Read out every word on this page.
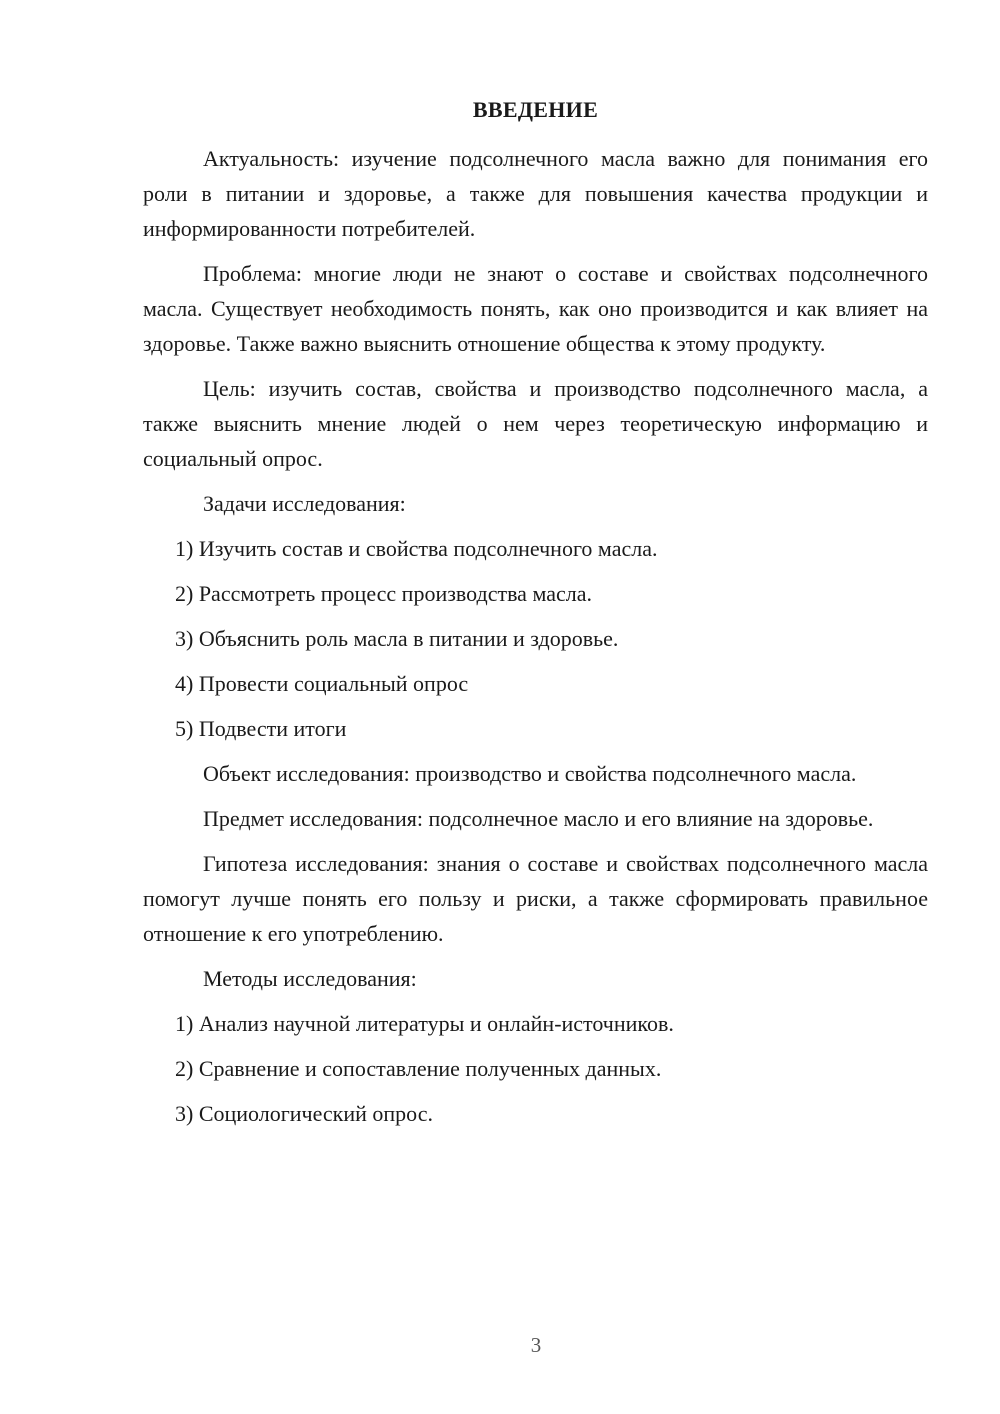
ВВЕДЕНИЕ

Актуальность: изучение подсолнечного масла важно для понимания его роли в питании и здоровье, а также для повышения качества продукции и информированности потребителей.

Проблема: многие люди не знают о составе и свойствах подсолнечного масла. Существует необходимость понять, как оно производится и как влияет на здоровье. Также важно выяснить отношение общества к этому продукту.

Цель: изучить состав, свойства и производство подсолнечного масла, а также выяснить мнение людей о нем через теоретическую информацию и социальный опрос.

Задачи исследования:

1) Изучить состав и свойства подсолнечного масла.

2) Рассмотреть процесс производства масла.

3) Объяснить роль масла в питании и здоровье.

4) Провести социальный опрос

5) Подвести итоги

Объект исследования: производство и свойства подсолнечного масла.

Предмет исследования: подсолнечное масло и его влияние на здоровье.

Гипотеза исследования: знания о составе и свойствах подсолнечного масла помогут лучше понять его пользу и риски, а также сформировать правильное отношение к его употреблению.

Методы исследования:

1) Анализ научной литературы и онлайн-источников.

2) Сравнение и сопоставление полученных данных.

3) Социологический опрос.

3
